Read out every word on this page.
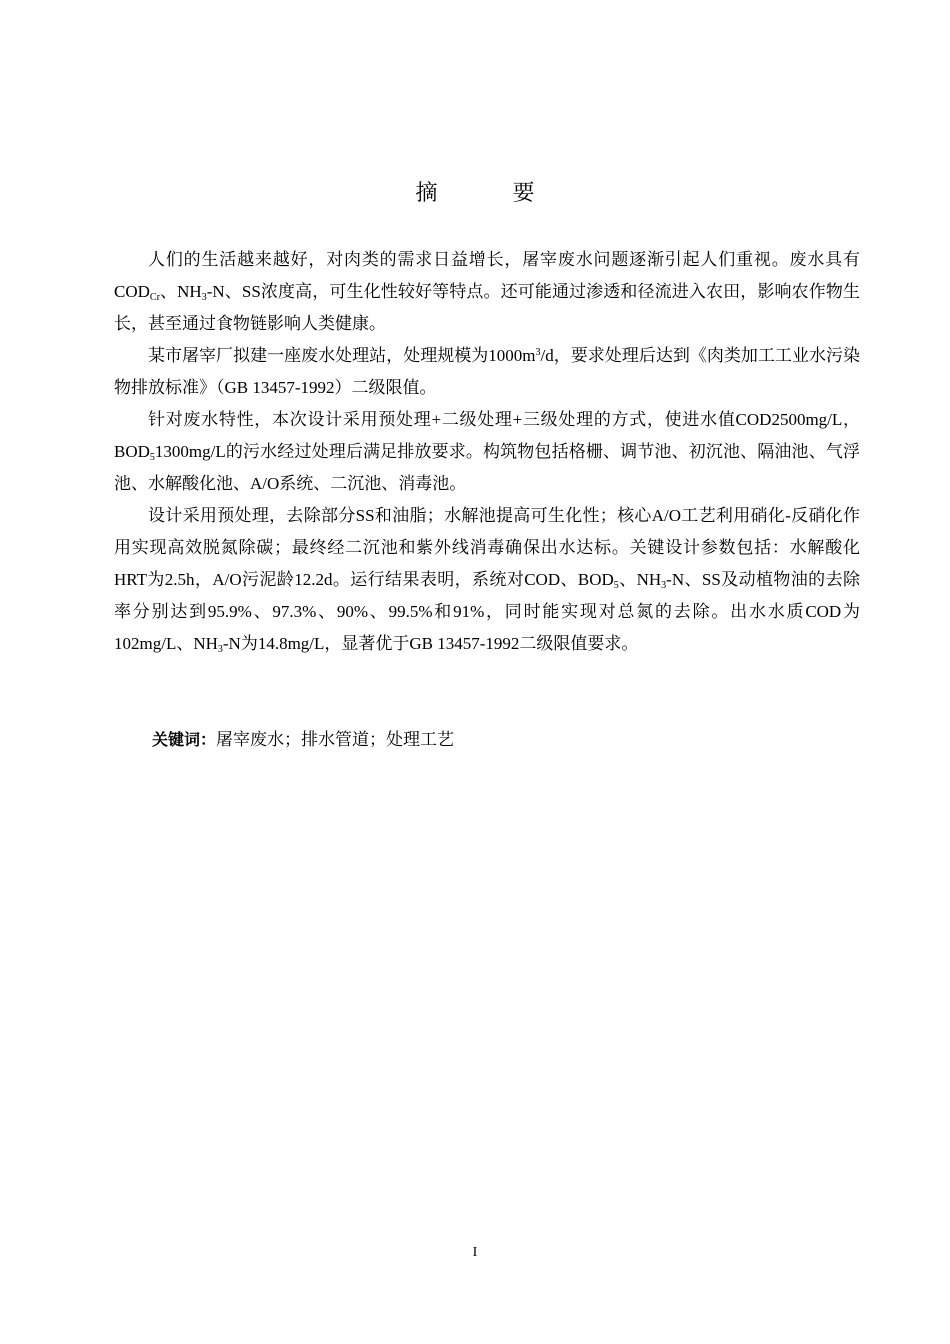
摘 要

人们的生活越来越好，对肉类的需求日益增长，屠宰废水问题逐渐引起人们重视。废水具有$COD_{Cr}$、$NH_3-N$、SS浓度高，可生化性较好等特点。还可能通过渗透和径流进入农田，影响农作物生长，甚至通过食物链影响人类健康。

某市屠宰厂拟建一座废水处理站，处理规模为$1000m^3/d$，要求处理后达到《肉类加工工业水污染物排放标准》（GB 13457-1992）二级限值。

针对废水特性，本次设计采用预处理+二级处理+三级处理的方式，使进水值COD2500mg/L，$BOD_51300mg/L$的污水经过处理后满足排放要求。构筑物包括格栅、调节池、初沉池、隔油池、气浮池、水解酸化池、A/O系统、二沉池、消毒池。

设计采用预处理，去除部分SS和油脂；水解池提高可生化性；核心A/O工艺利用硝化-反硝化作用实现高效脱氮除碳；最终经二沉池和紫外线消毒确保出水达标。关键设计参数包括：水解酸化HRT为2.5h，A/O污泥龄12.2d。运行结果表明，系统对COD、$BOD_5$、$NH_3-N$、SS及动植物油的去除率分别达到95.9%、97.3%、90%、99.5%和91%，同时能实现对总氮的去除。出水水质COD为102mg/L、$NH_3-N$为14.8mg/L，显著优于GB 13457-1992二级限值要求。

关键词：屠宰废水；排水管道；处理工艺
I
